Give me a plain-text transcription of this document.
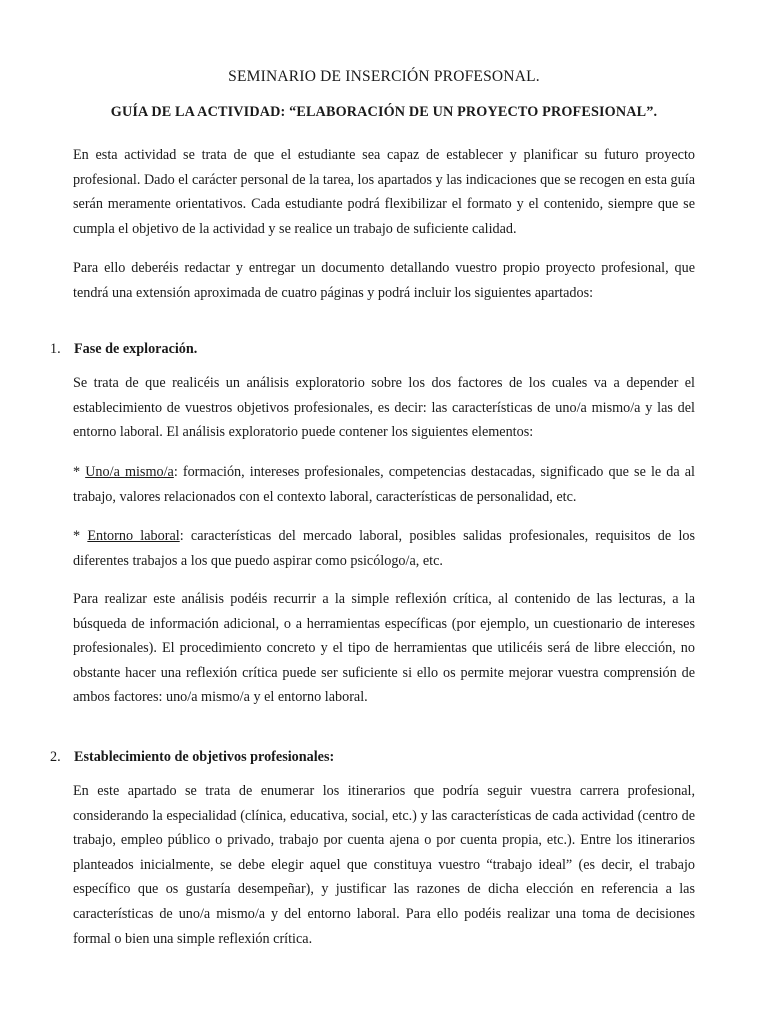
SEMINARIO DE INSERCIÓN PROFESONAL.
GUÍA DE LA ACTIVIDAD: “ELABORACIÓN DE UN PROYECTO PROFESIONAL”.

En esta actividad se trata de que el estudiante sea capaz de establecer y planificar su futuro proyecto profesional. Dado el carácter personal de la tarea, los apartados y las indicaciones que se recogen en esta guía serán meramente orientativos. Cada estudiante podrá flexibilizar el formato y el contenido, siempre que se cumpla el objetivo de la actividad y se realice un trabajo de suficiente calidad.

Para ello deberéis redactar y entregar un documento detallando vuestro propio proyecto profesional, que tendrá una extensión aproximada de cuatro páginas y podrá incluir los siguientes apartados:

1. Fase de exploración.

Se trata de que realicéis un análisis exploratorio sobre los dos factores de los cuales va a depender el establecimiento de vuestros objetivos profesionales, es decir: las características de uno/a mismo/a y las del entorno laboral. El análisis exploratorio puede contener los siguientes elementos:

* Uno/a mismo/a: formación, intereses profesionales, competencias destacadas, significado que se le da al trabajo, valores relacionados con el contexto laboral, características de personalidad, etc.

* Entorno laboral: características del mercado laboral, posibles salidas profesionales, requisitos de los diferentes trabajos a los que puedo aspirar como psicólogo/a, etc.

Para realizar este análisis podéis recurrir a la simple reflexión crítica, al contenido de las lecturas, a la búsqueda de información adicional, o a herramientas específicas (por ejemplo, un cuestionario de intereses profesionales). El procedimiento concreto y el tipo de herramientas que utilicéis será de libre elección, no obstante hacer una reflexión crítica puede ser suficiente si ello os permite mejorar vuestra comprensión de ambos factores: uno/a mismo/a y el entorno laboral.

2. Establecimiento de objetivos profesionales:

En este apartado se trata de enumerar los itinerarios que podría seguir vuestra carrera profesional, considerando la especialidad (clínica, educativa, social, etc.) y las características de cada actividad (centro de trabajo, empleo público o privado, trabajo por cuenta ajena o por cuenta propia, etc.). Entre los itinerarios planteados inicialmente, se debe elegir aquel que constituya vuestro “trabajo ideal” (es decir, el trabajo específico que os gustaría desempeñar), y justificar las razones de dicha elección en referencia a las características de uno/a mismo/a y del entorno laboral. Para ello podéis realizar una toma de decisiones formal o bien una simple reflexión crítica.
